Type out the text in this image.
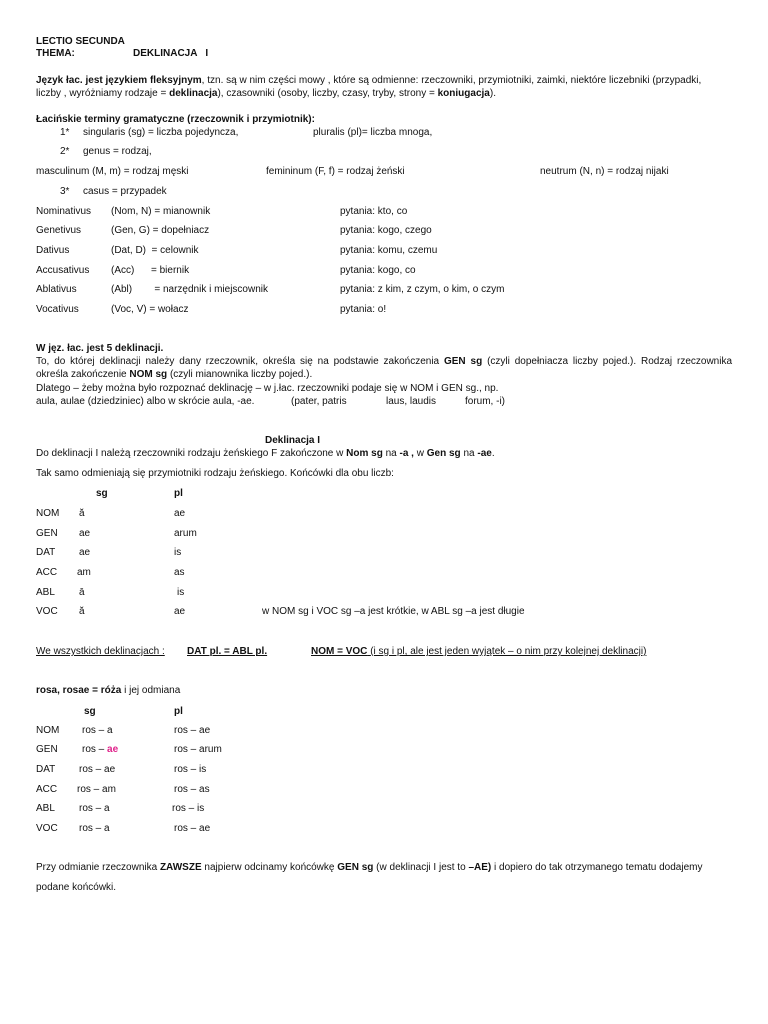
LECTIO SECUNDA
THEMA:	DEKLINACJA   I
Język łac. jest językiem fleksyjnym, tzn. są w nim części mowy , które są odmienne: rzeczowniki, przymiotniki, zaimki, niektóre liczebniki (przypadki,
liczby , wyróżniamy rodzaje = deklinacja), czasowniki (osoby, liczby, czasy, tryby, strony = koniugacja).
Łacińskie terminy gramatyczne (rzeczownik i przymiotnik):
1* singularis (sg) = liczba pojedyncza,	pluralis (pl)= liczba mnoga,
2* genus = rodzaj,
masculinum (M, m) = rodzaj męski	femininum (F, f) = rodzaj żeński	neutrum (N, n) = rodzaj nijaki
3* casus = przypadek
Nominativus (Nom, N) = mianownik	pytania: kto, co
Genetivus	(Gen, G) = dopełniacz	pytania: kogo, czego
Dativus	(Dat, D)  = celownik	pytania: komu, czemu
Accusativus (Acc)      = biernik	pytania: kogo, co
Ablativus	(Abl)        = narzędnik i miejscownik	pytania: z kim, z czym, o kim, o czym
Vocativus	(Voc, V) = wołacz	pytania: o!
W jęz. łac. jest 5 deklinacji.
To, do której deklinacji należy dany rzeczownik, określa się na podstawie zakończenia GEN sg (czyli dopełniacza liczby pojed.). Rodzaj rzeczownika
określa zakończenie NOM sg (czyli mianownika liczby pojed.).
Dlatego – żeby można było rozpoznać deklinację – w j.łac. rzeczowniki podaje się w NOM i GEN sg., np.
aula, aulae (dziedziniec) albo w skrócie aula, -ae.	(pater, patris	laus, laudis	forum, -i)
Deklinacja I
Do deklinacji I należą rzeczowniki rodzaju żeńskiego F zakończone w Nom sg na -a , w Gen sg na -ae.
Tak samo odmieniają się przymiotniki rodzaju żeńskiego. Końcówki dla obu liczb:
sg	pl
NOM ă	ae
GEN ae	arum
DAT ae	is
ACC am	as
ABL ā	is
VOC ă	ae	w NOM sg i VOC sg –a jest krótkie, w ABL sg –a jest długie
We wszystkich deklinacjach : DAT pl. = ABL pl.
	NOM = VOC (i sg i pl, ale jest jeden wyjątek – o nim przy kolejnej deklinacji)
rosa, rosae = róża i jej odmiana
sg	pl
NOM ros – a	ros – ae
GEN ros – ae	ros – arum
DAT ros – ae	ros – is
ACC ros – am	ros – as
ABL ros – a	ros – is
VOC ros – a	ros – ae
Przy odmianie rzeczownika ZAWSZE najpierw odcinamy końcówkę GEN sg (w deklinacji I jest to –AE) i dopiero do tak otrzymanego tematu dodajemy
podane końcówki.
